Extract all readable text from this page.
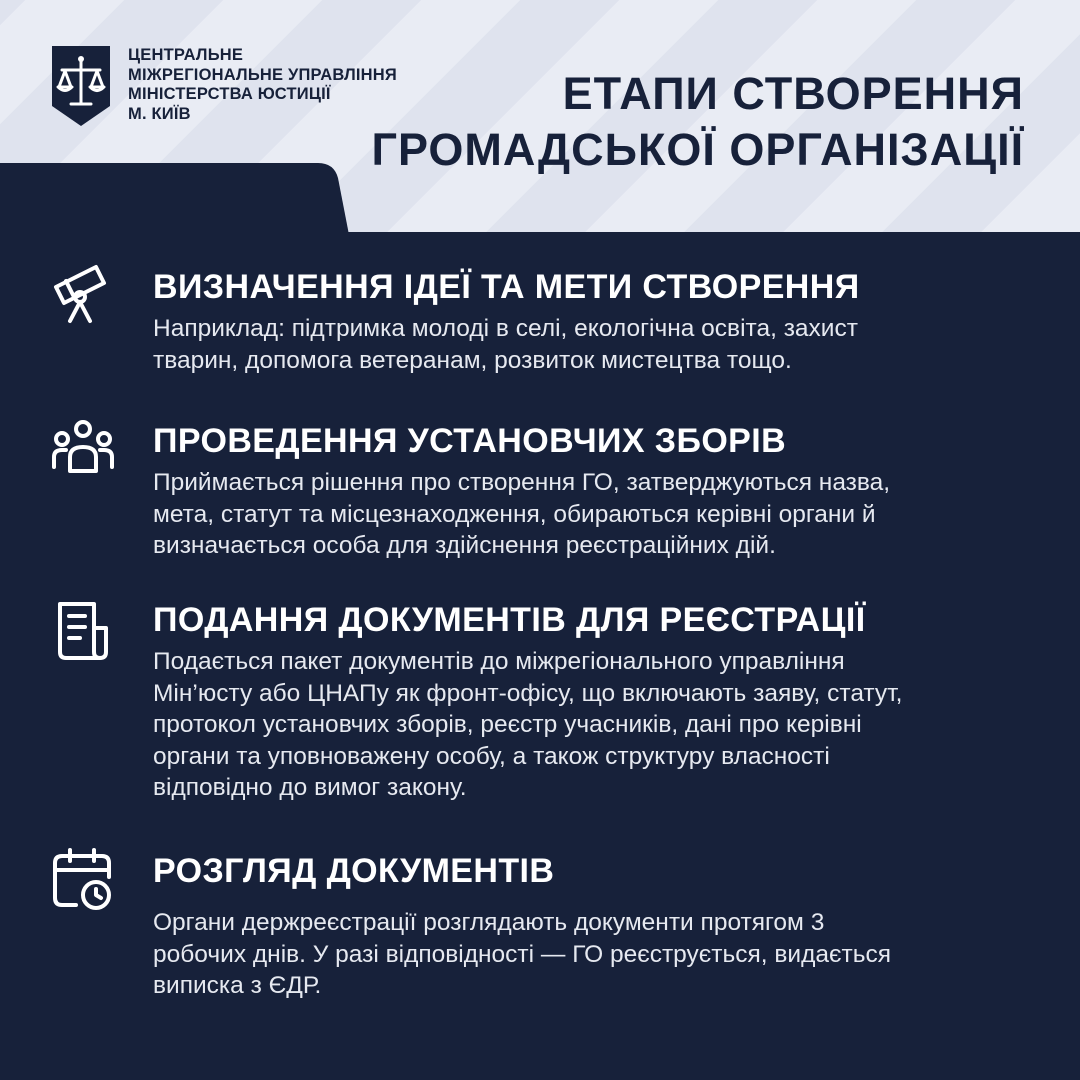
ЦЕНТРАЛЬНЕ
МІЖРЕГІОНАЛЬНЕ УПРАВЛІННЯ
МІНІСТЕРСТВА ЮСТИЦІЇ
М. КИЇВ	ЕТАПИ СТВОРЕННЯ
ГРОМАДСЬКОЇ ОРГАНІЗАЦІЇ
ВИЗНАЧЕННЯ ІДЕЇ ТА МЕТИ СТВОРЕННЯ

Наприклад: підтримка молоді в селі, екологічна освіта, захист
тварин, допомога ветеранам, розвиток мистецтва тощо.

ПРОВЕДЕННЯ УСТАНОВЧИХ ЗБОРІВ

Приймається рішення про створення ГО, затверджуються назва,
мета, статут та місцезнаходження, обираються керівні органи й
визначається особа для здійснення реєстраційних дій.

ПОДАННЯ ДОКУМЕНТІВ ДЛЯ РЕЄСТРАЦІЇ

Подається пакет документів до міжрегіонального управління
Мін’юсту або ЦНАПу як фронт-офісу, що включають заяву, статут,
протокол установчих зборів, реєстр учасників, дані про керівні
органи та уповноважену особу, а також структуру власності
відповідно до вимог закону.

РОЗГЛЯД ДОКУМЕНТІВ

Органи держреєстрації розглядають документи протягом 3
робочих днів. У разі відповідності — ГО реєструється, видається
виписка з ЄДР.
